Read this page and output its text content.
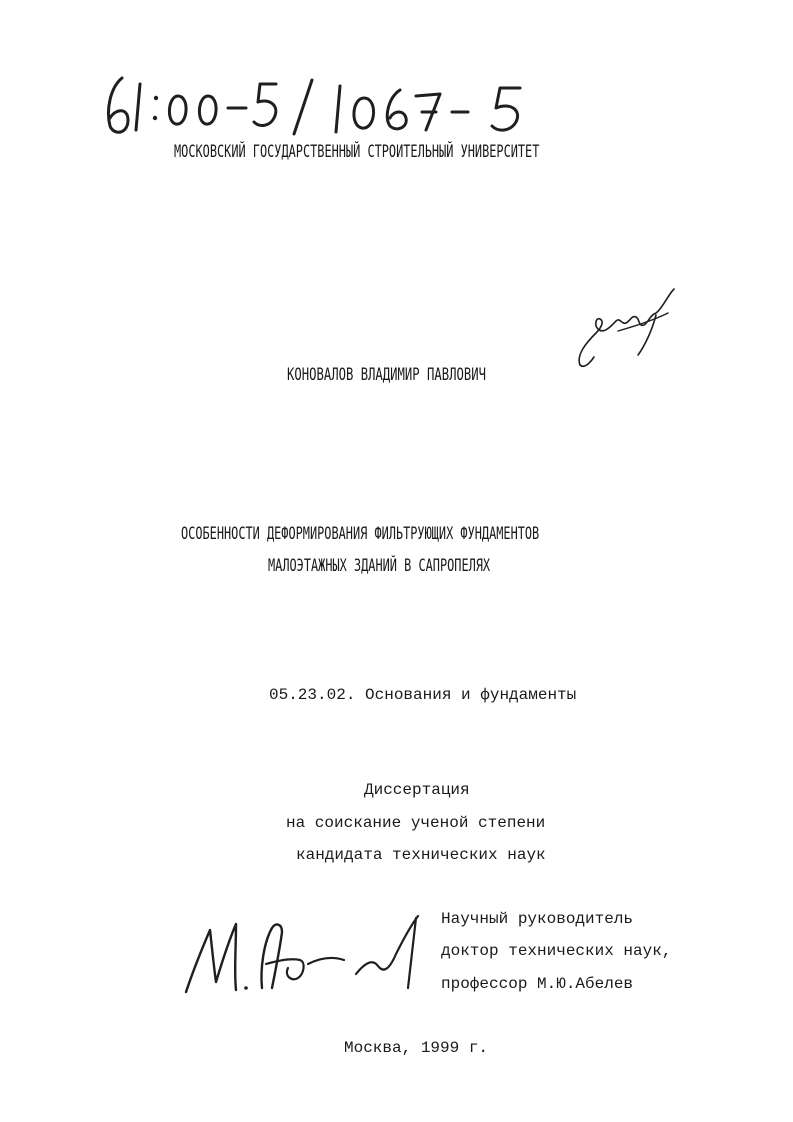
МОСКОВСКИЙ ГОСУДАРСТВЕННЫЙ СТРОИТЕЛЬНЫЙ УНИВЕРСИТЕТ
КОНОВАЛОВ ВЛАДИМИР ПАВЛОВИЧ
ОСОБЕННОСТИ ДЕФОРМИРОВАНИЯ ФИЛЬТРУЮЩИХ ФУНДАМЕНТОВ
МАЛОЭТАЖНЫХ ЗДАНИЙ В САПРОПЕЛЯХ
05.23.02. Основания и фундаменты
Диссертация
на соискание ученой степени
кандидата технических наук
Научный руководитель
доктор технических наук,
профессор М.Ю.Абелев
Москва, 1999 г.
